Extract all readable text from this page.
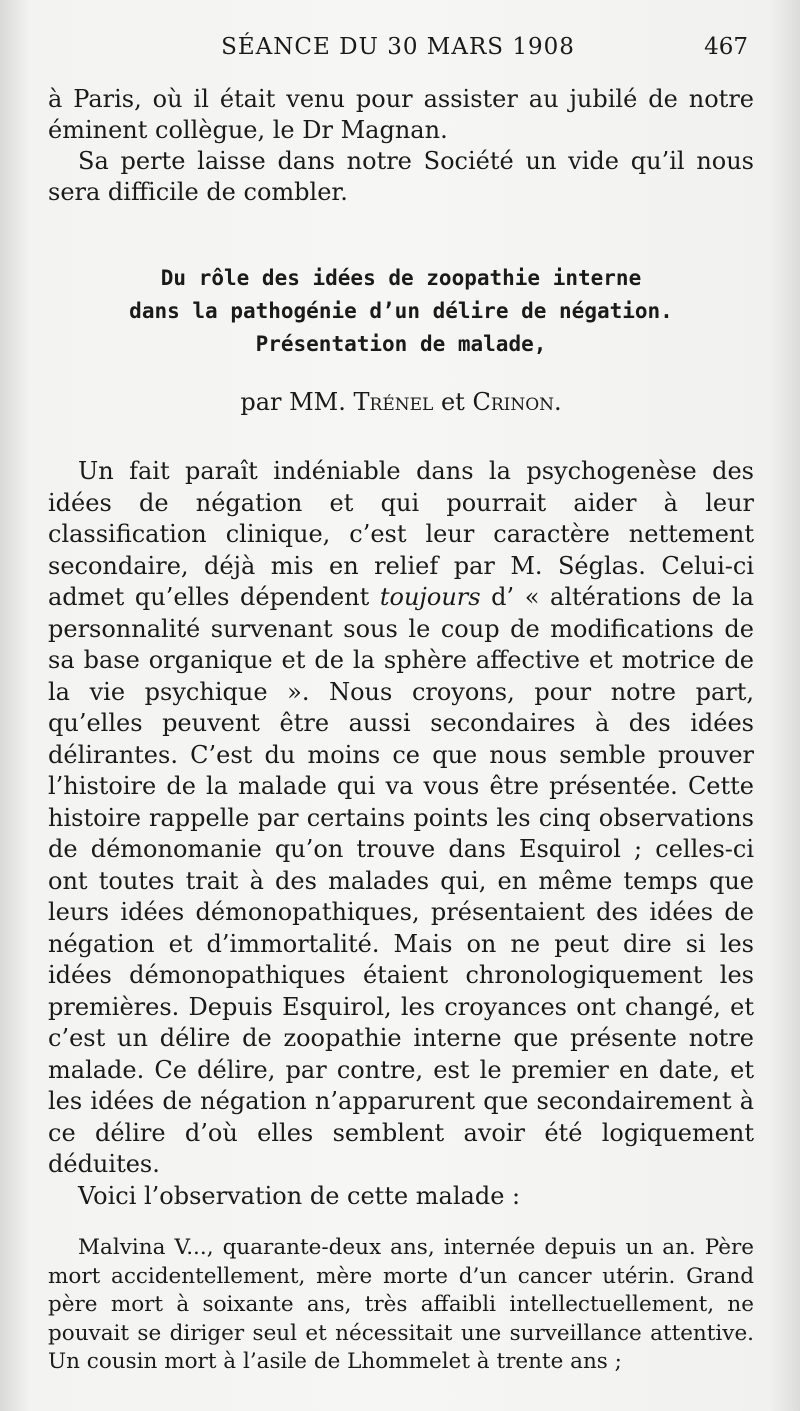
SÉANCE DU 30 MARS 1908	467

à Paris, où il était venu pour assister au jubilé de notre éminent collègue, le Dr Magnan.

Sa perte laisse dans notre Société un vide qu’il nous sera difficile de combler.

Du rôle des idées de zoopathie interne
dans la pathogénie d’un délire de négation.
Présentation de malade,

par MM. Trénel et Crinon.

Un fait paraît indéniable dans la psychogenèse des idées de négation et qui pourrait aider à leur classification clinique, c’est leur caractère nettement secondaire, déjà mis en relief par M. Séglas. Celui-ci admet qu’elles dépendent toujours d’ « altérations de la personnalité survenant sous le coup de modifications de sa base organique et de la sphère affective et motrice de la vie psychique ». Nous croyons, pour notre part, qu’elles peuvent être aussi secondaires à des idées délirantes. C’est du moins ce que nous semble prouver l’histoire de la malade qui va vous être présentée. Cette histoire rappelle par certains points les cinq observations de démonomanie qu’on trouve dans Esquirol ; celles-ci ont toutes trait à des malades qui, en même temps que leurs idées démonopathiques, présentaient des idées de négation et d’immortalité. Mais on ne peut dire si les idées démonopathiques étaient chronologiquement les premières. Depuis Esquirol, les croyances ont changé, et c’est un délire de zoopathie interne que présente notre malade. Ce délire, par contre, est le premier en date, et les idées de négation n’apparurent que secondairement à ce délire d’où elles semblent avoir été logiquement déduites.

Voici l’observation de cette malade :

Malvina V..., quarante-deux ans, internée depuis un an. Père mort accidentellement, mère morte d’un cancer utérin. Grand père mort à soixante ans, très affaibli intellectuellement, ne pouvait se diriger seul et nécessitait une surveillance attentive. Un cousin mort à l’asile de Lhommelet à trente ans ;
